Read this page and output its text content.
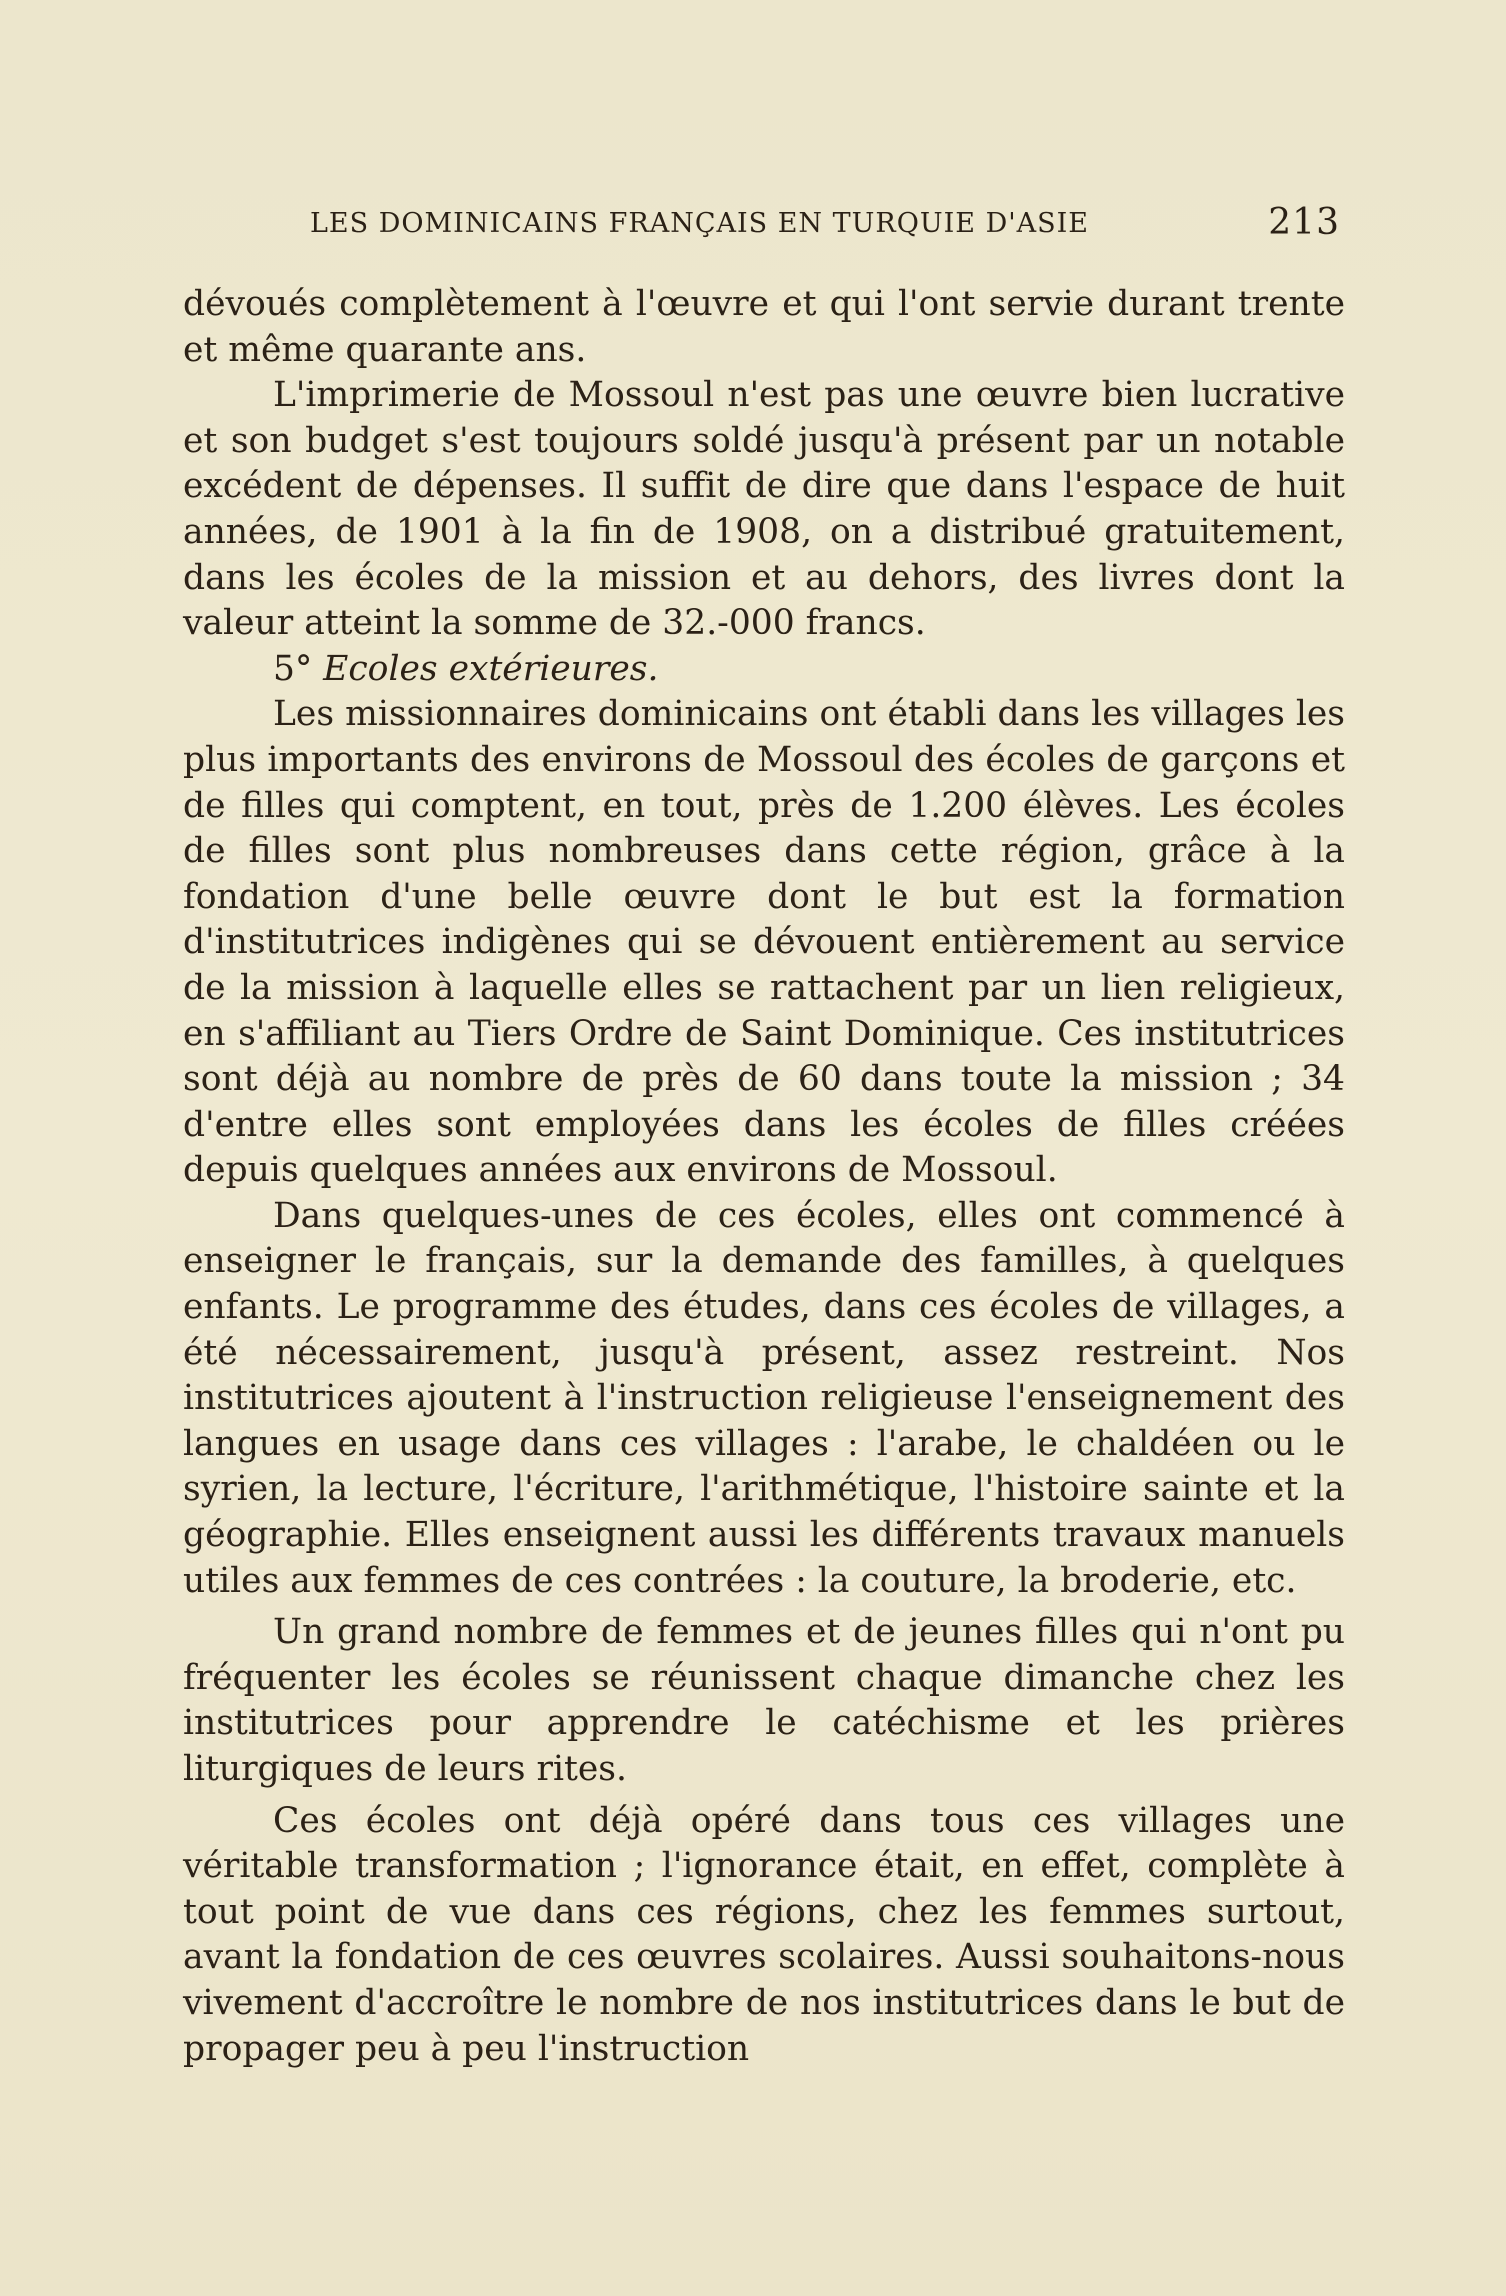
LES DOMINICAINS FRANÇAIS EN TURQUIE D'ASIE	213

dévoués complètement à l'œuvre et qui l'ont servie durant trente et même quarante ans.

L'imprimerie de Mossoul n'est pas une œuvre bien lucrative et son budget s'est toujours soldé jusqu'à présent par un notable excédent de dépenses. Il suffit de dire que dans l'espace de huit années, de 1901 à la fin de 1908, on a distribué gratuitement, dans les écoles de la mission et au dehors, des livres dont la valeur atteint la somme de 32.-000 francs.

5° Ecoles extérieures.

Les missionnaires dominicains ont établi dans les villages les plus importants des environs de Mossoul des écoles de garçons et de filles qui comptent, en tout, près de 1.200 élèves. Les écoles de filles sont plus nombreuses dans cette région, grâce à la fondation d'une belle œuvre dont le but est la formation d'institutrices indigènes qui se dévouent entièrement au service de la mission à laquelle elles se rattachent par un lien religieux, en s'affiliant au Tiers Ordre de Saint Dominique. Ces institutrices sont déjà au nombre de près de 60 dans toute la mission ; 34 d'entre elles sont employées dans les écoles de filles créées depuis quelques années aux environs de Mossoul.

Dans quelques-unes de ces écoles, elles ont commencé à enseigner le français, sur la demande des familles, à quelques enfants. Le programme des études, dans ces écoles de villages, a été nécessairement, jusqu'à présent, assez restreint. Nos institutrices ajoutent à l'instruction religieuse l'enseignement des langues en usage dans ces villages : l'arabe, le chaldéen ou le syrien, la lecture, l'écriture, l'arithmétique, l'histoire sainte et la géographie. Elles enseignent aussi les différents travaux manuels utiles aux femmes de ces contrées : la couture, la broderie, etc.

Un grand nombre de femmes et de jeunes filles qui n'ont pu fréquenter les écoles se réunissent chaque dimanche chez les institutrices pour apprendre le catéchisme et les prières liturgiques de leurs rites.

Ces écoles ont déjà opéré dans tous ces villages une véritable transformation ; l'ignorance était, en effet, complète à tout point de vue dans ces régions, chez les femmes surtout, avant la fondation de ces œuvres scolaires. Aussi souhaitons-nous vivement d'accroître le nombre de nos institutrices dans le but de propager peu à peu l'instruction
